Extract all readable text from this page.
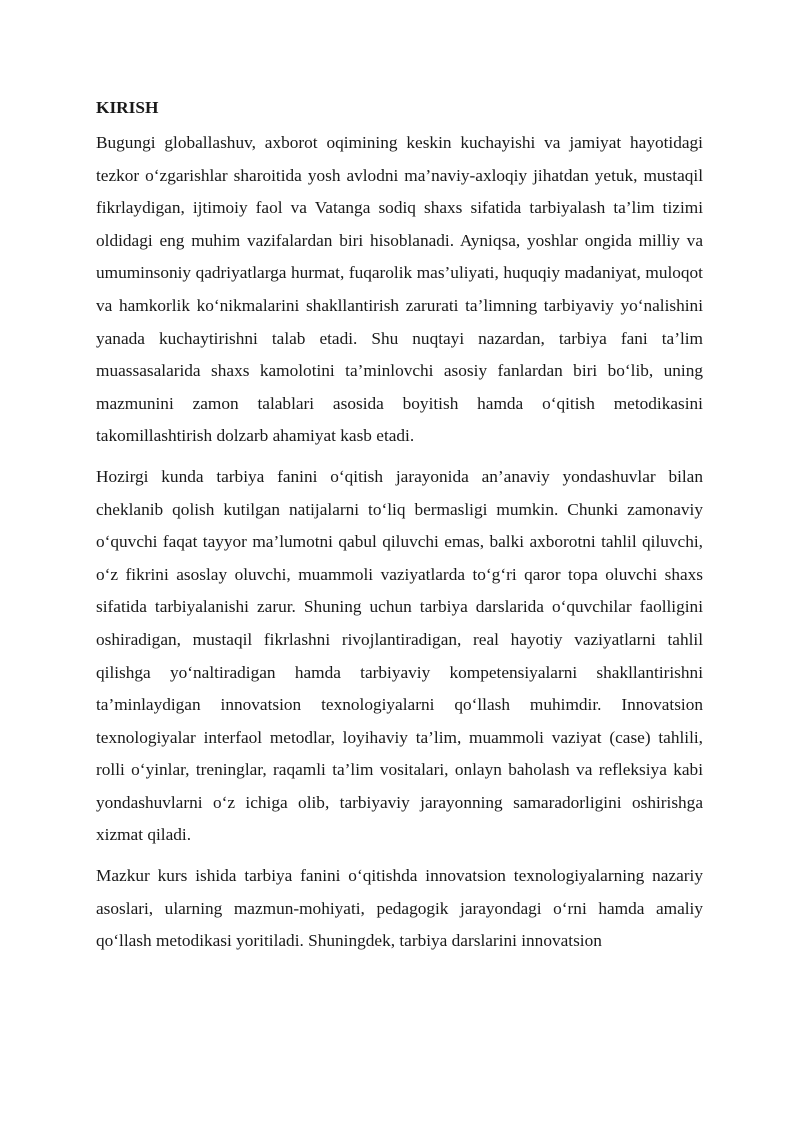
KIRISH

Bugungi globallashuv, axborot oqimining keskin kuchayishi va jamiyat hayotidagi tezkor o‘zgarishlar sharoitida yosh avlodni ma’naviy-axloqiy jihatdan yetuk, mustaqil fikrlaydigan, ijtimoiy faol va Vatanga sodiq shaxs sifatida tarbiyalash ta’lim tizimi oldidagi eng muhim vazifalardan biri hisoblanadi. Ayniqsa, yoshlar ongida milliy va umuminsoniy qadriyatlarga hurmat, fuqarolik mas’uliyati, huquqiy madaniyat, muloqot va hamkorlik ko‘nikmalarini shakllantirish zarurati ta’limning tarbiyaviy yo‘nalishini yanada kuchaytirishni talab etadi. Shu nuqtayi nazardan, tarbiya fani ta’lim muassasalarida shaxs kamolotini ta’minlovchi asosiy fanlardan biri bo‘lib, uning mazmunini zamon talablari asosida boyitish hamda o‘qitish metodikasini takomillashtirish dolzarb ahamiyat kasb etadi.

Hozirgi kunda tarbiya fanini o‘qitish jarayonida an’anaviy yondashuvlar bilan cheklanib qolish kutilgan natijalarni to‘liq bermasligi mumkin. Chunki zamonaviy o‘quvchi faqat tayyor ma’lumotni qabul qiluvchi emas, balki axborotni tahlil qiluvchi, o‘z fikrini asoslay oluvchi, muammoli vaziyatlarda to‘g‘ri qaror topa oluvchi shaxs sifatida tarbiyalanishi zarur. Shuning uchun tarbiya darslarida o‘quvchilar faolligini oshiradigan, mustaqil fikrlashni rivojlantiradigan, real hayotiy vaziyatlarni tahlil qilishga yo‘naltiradigan hamda tarbiyaviy kompetensiyalarni shakllantirishni ta’minlaydigan innovatsion texnologiyalarni qo‘llash muhimdir. Innovatsion texnologiyalar interfaol metodlar, loyihaviy ta’lim, muammoli vaziyat (case) tahlili, rolli o‘yinlar, treninglar, raqamli ta’lim vositalari, onlayn baholash va refleksiya kabi yondashuvlarni o‘z ichiga olib, tarbiyaviy jarayonning samaradorligini oshirishga xizmat qiladi.

Mazkur kurs ishida tarbiya fanini o‘qitishda innovatsion texnologiyalarning nazariy asoslari, ularning mazmun-mohiyati, pedagogik jarayondagi o‘rni hamda amaliy qo‘llash metodikasi yoritiladi. Shuningdek, tarbiya darslarini innovatsion
